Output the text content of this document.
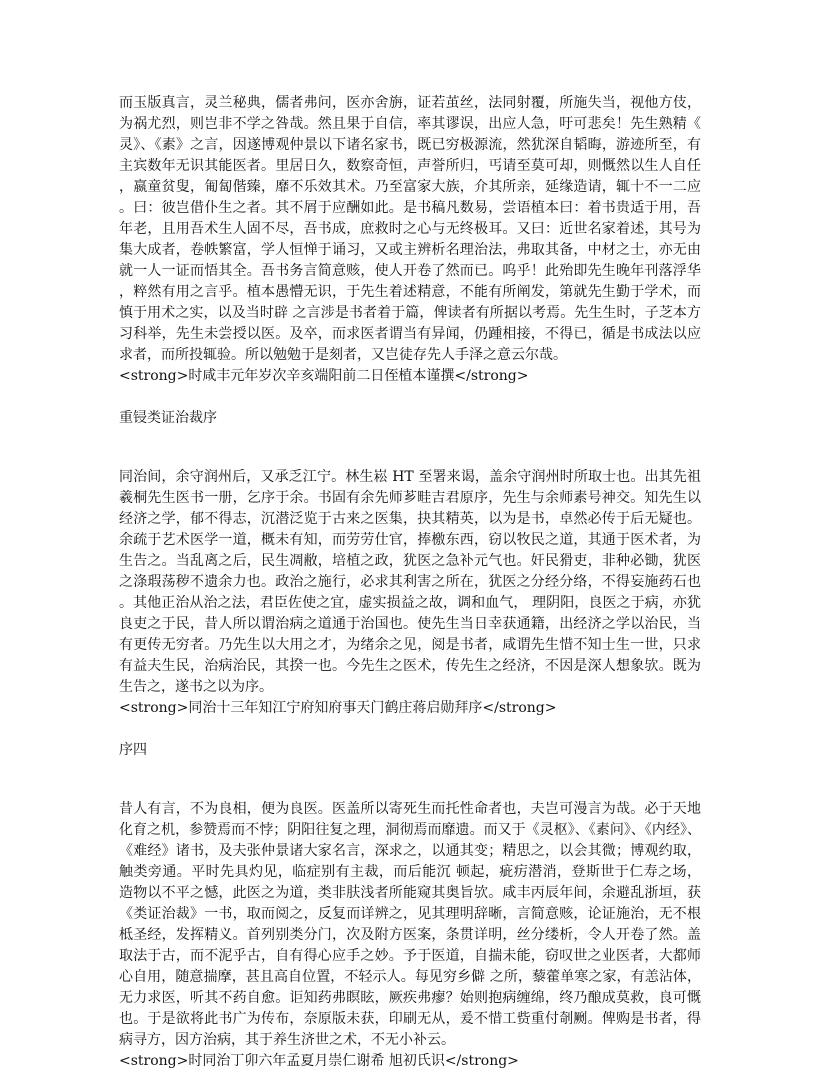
而玉版真言，灵兰秘典，儒者弗问，医亦舍旃，证若茧丝，法同射覆，所施失当，视他方伎，为祸尤烈，则岂非不学之咎哉。然且果于自信，率其谬误，出应人急，吁可悲矣！先生熟精《灵》、《素》之言，因遂博观仲景以下诸名家书，既已穷极源流，然犹深自韬晦，游迹所至，有主宾数年无识其能医者。里居日久，数察奇恒，声誉所归，丐请至莫可却，则慨然以生人自任，嬴童贫叟，匍匐偕臻，靡不乐效其术。乃至富家大族，介其所亲，延缘造请，辄十不一二应。曰：彼岂借仆生之者。其不屑于应酬如此。是书稿凡数易，尝语植本曰：着书贵适于用，吾年老，且用吾术生人固不尽，吾书成，庶救时之心与无终极耳。又曰：近世名家着述，其号为集大成者，卷帙繁富，学人恒惮于诵习，又或主辨析名理治法，弗取其备，中材之士，亦无由就一人一证而悟其全。吾书务言简意赅，使人开卷了然而已。呜乎！此殆即先生晚年刊落浮华，粹然有用之言乎。植本愚懵无识，于先生着述精意，不能有所阐发，第就先生勤于学术，而慎于用术之实，以及当时辟 之言涉是书者着于篇，俾读者有所据以考焉。先生生时，子芝本方习科举，先生未尝授以医。及卒，而求医者谓当有异闻，仍踵相接，不得已，循是书成法以应求者，而所投辄验。所以勉勉于是刻者，又岂徒存先人手泽之意云尔哉。

<strong>时咸丰元年岁次辛亥端阳前二日侄植本谨撰</strong>

重锓类证治裁序

同治间，余守润州后，又承乏江宁。林生崧 HT 至署来谒，盖余守润州时所取士也。出其先祖羲桐先生医书一册，乞序于余。书固有余先师芗畦吉君原序，先生与余师素号神交。知先生以经济之学，郁不得志，沉潜泛览于古来之医集，抉其精英，以为是书，卓然必传于后无疑也。余疏于艺术医学一道，概未有知，而劳劳仕官，捧檄东西，窃以牧民之道，其通于医术者，为生告之。当乱离之后，民生凋敝，培植之政，犹医之急补元气也。奸民猾吏，非种必锄，犹医之涤瑕荡秽不遗余力也。政治之施行，必求其利害之所在，犹医之分经分络，不得妄施药石也。其他正治从治之法，君臣佐使之宜，虚实损益之故，调和血气， 理阴阳，良医之于病，亦犹良吏之于民，昔人所以谓治病之道通于治国也。使先生当日幸获通籍，出经济之学以治民，当有更传无穷者。乃先生以大用之才，为绪余之见，阅是书者，咸谓先生惜不知士生一世，只求有益夫生民，治病治民，其揆一也。今先生之医术，传先生之经济，不因是深人想象欤。既为生告之，遂书之以为序。

<strong>同治十三年知江宁府知府事天门鹤庄蒋启勋拜序</strong>

序四

昔人有言，不为良相，便为良医。医盖所以寄死生而托性命者也，夫岂可漫言为哉。必于天地化育之机，参赞焉而不悖；阴阳往复之理，洞彻焉而靡遗。而又于《灵枢》、《素问》、《内经》、《难经》诸书，及夫张仲景诸大家名言，深求之，以通其变；精思之，以会其微；博观约取，触类旁通。平时先具灼见，临症别有主裁，而后能沉 顿起，疵疠潜消，登斯世于仁寿之场， 造物以不平之憾，此医之为道，类非肤浅者所能窥其奥旨欤。咸丰丙辰年间，余避乱浙垣，获《类证治裁》一书，取而阅之，反复而详辨之，见其理明辞晰，言简意赅，论证施治，无不根柢圣经，发挥精义。首列别类分门，次及附方医案，条贯详明，丝分缕析，令人开卷了然。盖取法于古，而不泥乎古，自有得心应手之妙。予于医道，自揣未能，窃叹世之业医者，大都师心自用，随意揣摩，甚且高自位置，不轻示人。每见穷乡僻 之所，藜藿单寒之家，有恙沾体，无力求医，听其不药自愈。讵知药弗瞑眩，厥疾弗瘳？始则抱病缠绵，终乃酿成莫救，良可慨也。于是欲将此书广为传布，奈原版未获，印刷无从，爰不惜工赀重付剞劂。俾购是书者，得病寻方，因方治病，其于养生济世之术，不无小补云。

<strong>时同治丁卯六年孟夏月崇仁谢希 旭初氏识</strong>
